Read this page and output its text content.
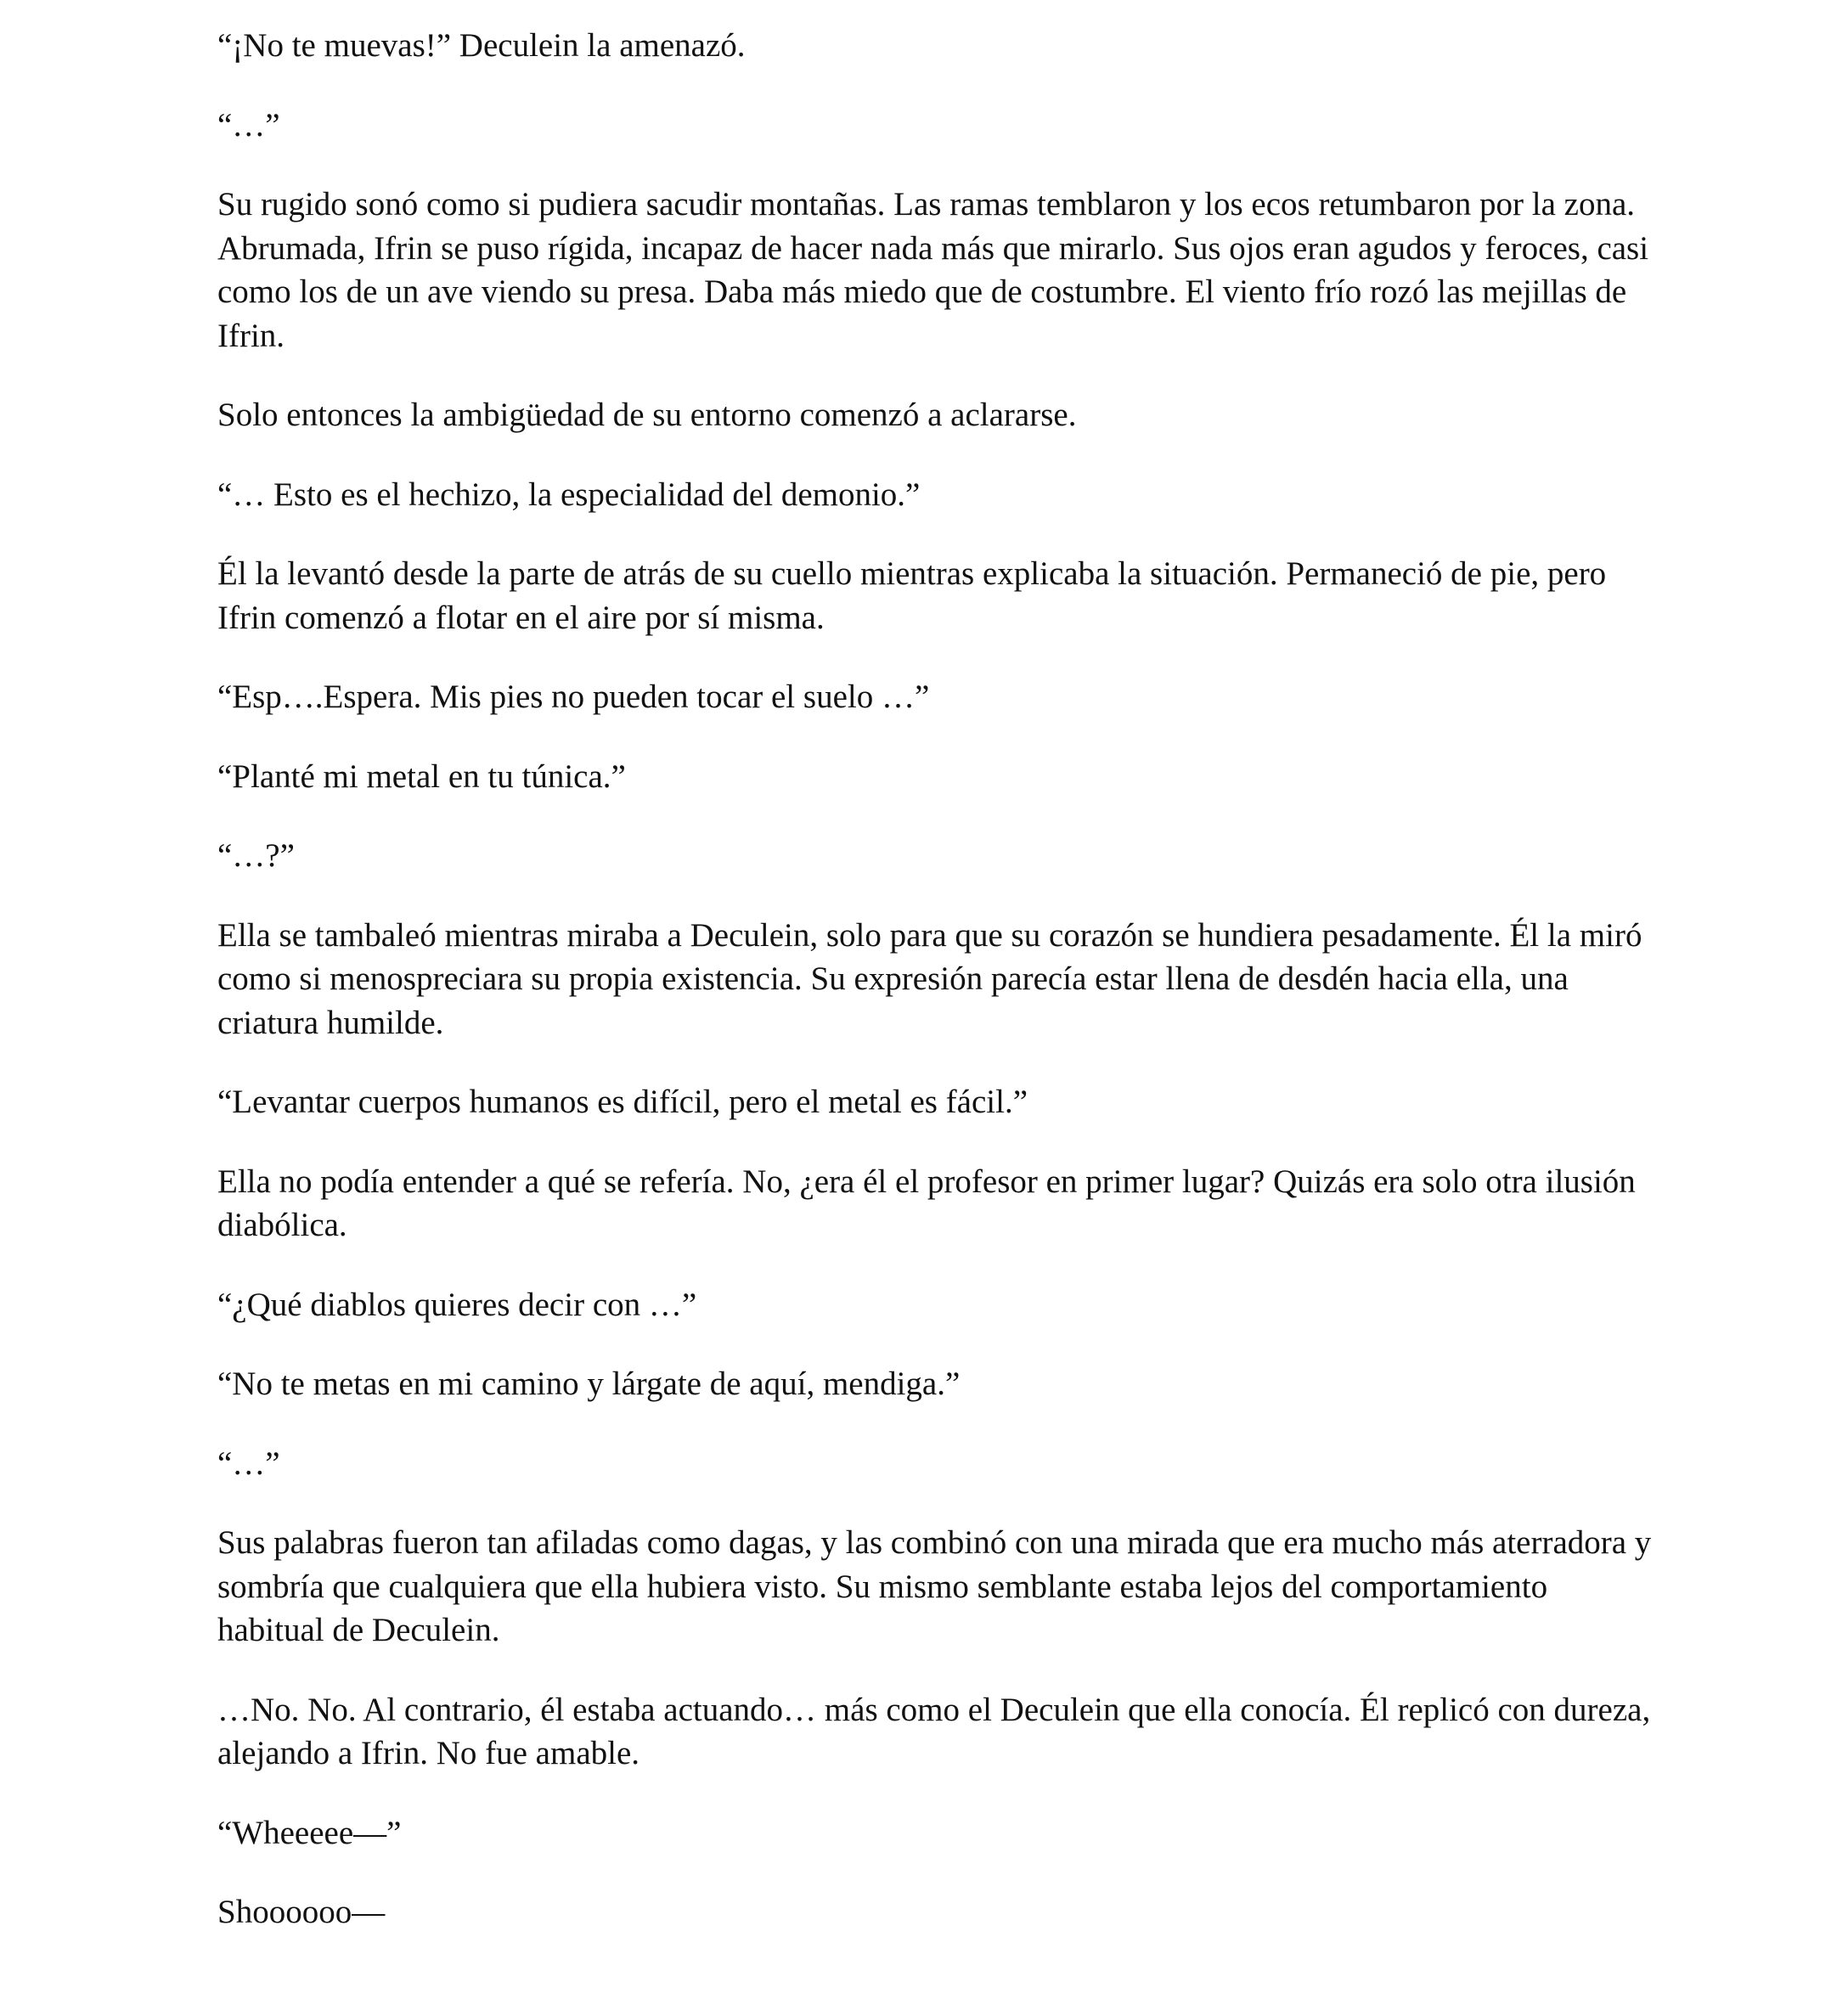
“¡No te muevas!” Deculein la amenazó.

“…”

Su rugido sonó como si pudiera sacudir montañas. Las ramas temblaron y los ecos retumbaron por la zona. Abrumada, Ifrin se puso rígida, incapaz de hacer nada más que mirarlo. Sus ojos eran agudos y feroces, casi como los de un ave viendo su presa. Daba más miedo que de costumbre. El viento frío rozó las mejillas de Ifrin.

Solo entonces la ambigüedad de su entorno comenzó a aclararse.

“… Esto es el hechizo, la especialidad del demonio.”

Él la levantó desde la parte de atrás de su cuello mientras explicaba la situación. Permaneció de pie, pero Ifrin comenzó a flotar en el aire por sí misma.

“Esp….Espera. Mis pies no pueden tocar el suelo …”

“Planté mi metal en tu túnica.”

“…?”

Ella se tambaleó mientras miraba a Deculein, solo para que su corazón se hundiera pesadamente. Él la miró como si menospreciara su propia existencia. Su expresión parecía estar llena de desdén hacia ella, una criatura humilde.

“Levantar cuerpos humanos es difícil, pero el metal es fácil.”

Ella no podía entender a qué se refería. No, ¿era él el profesor en primer lugar? Quizás era solo otra ilusión diabólica.

“¿Qué diablos quieres decir con …”

“No te metas en mi camino y lárgate de aquí, mendiga.”

“…”

Sus palabras fueron tan afiladas como dagas, y las combinó con una mirada que era mucho más aterradora y sombría que cualquiera que ella hubiera visto. Su mismo semblante estaba lejos del comportamiento habitual de Deculein.

…No. No. Al contrario, él estaba actuando… más como el Deculein que ella conocía. Él replicó con dureza, alejando a Ifrin. No fue amable.

“Wheeeee—”

Shoooooo—
